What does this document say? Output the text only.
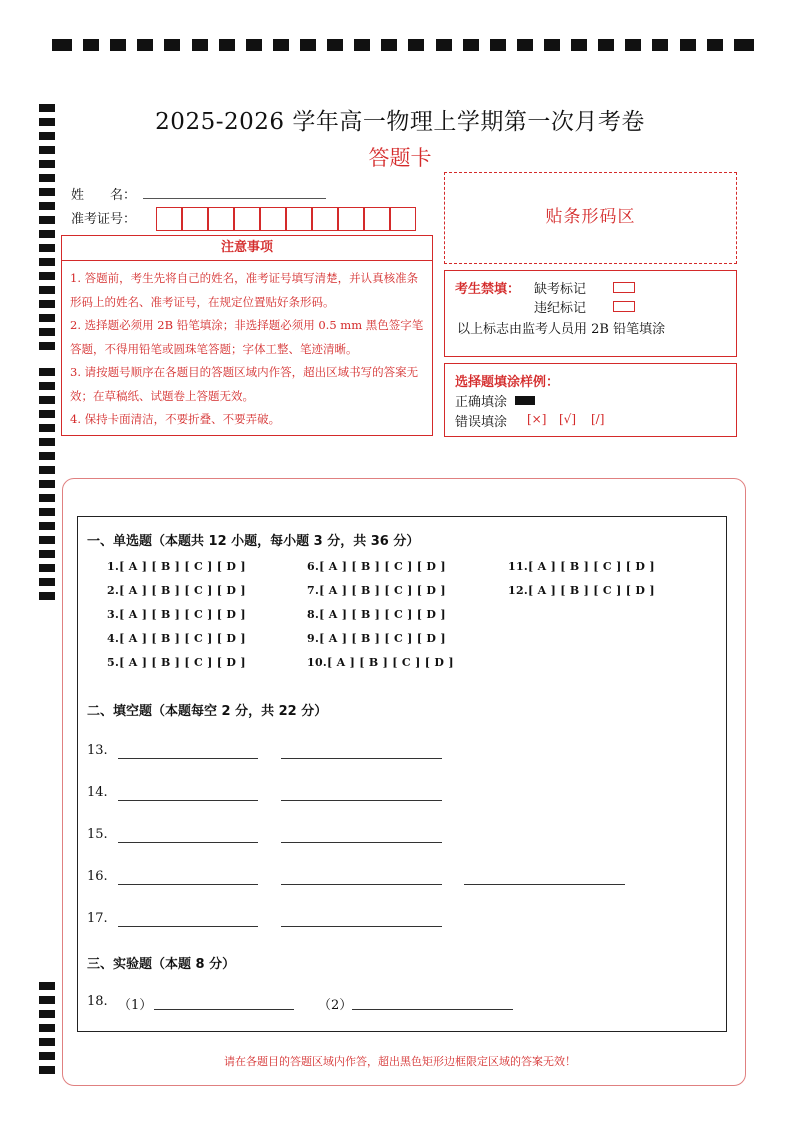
2025-2026 学年高一物理上学期第一次月考卷
答题卡
姓　　名：
准考证号：
注意事项
1. 答题前，考生先将自己的姓名，准考证号填写清楚，并认真核准条形码上的姓名、准考证号，在规定位置贴好条形码。
2. 选择题必须用 2B 铅笔填涂；非选择题必须用 0.5 mm 黑色签字笔答题，不得用铅笔或圆珠笔答题；字体工整、笔迹清晰。
3. 请按题号顺序在各题目的答题区域内作答，超出区域书写的答案无效；在草稿纸、试题卷上答题无效。
4. 保持卡面清洁，不要折叠、不要弄破。
贴条形码区
考生禁填： 缺考标记
违纪标记
以上标志由监考人员用 2B 铅笔填涂
选择题填涂样例：
正确填涂
错误填涂 [×] [√] [/]
一、单选题（本题共 12 小题，每小题 3 分，共 36 分）
1.[ A ] [ B ] [ C ] [ D ]
2.[ A ] [ B ] [ C ] [ D ]
3.[ A ] [ B ] [ C ] [ D ]
4.[ A ] [ B ] [ C ] [ D ]
5.[ A ] [ B ] [ C ] [ D ]
6.[ A ] [ B ] [ C ] [ D ]
7.[ A ] [ B ] [ C ] [ D ]
8.[ A ] [ B ] [ C ] [ D ]
9.[ A ] [ B ] [ C ] [ D ]
10.[ A ] [ B ] [ C ] [ D ]
11.[ A ] [ B ] [ C ] [ D ]
12.[ A ] [ B ] [ C ] [ D ]
二、填空题（本题每空 2 分，共 22 分）
13.
14.
15.
16.
17.
三、实验题（本题 8 分）
18. （1）	（2）
请在各题目的答题区域内作答，超出黑色矩形边框限定区域的答案无效！
